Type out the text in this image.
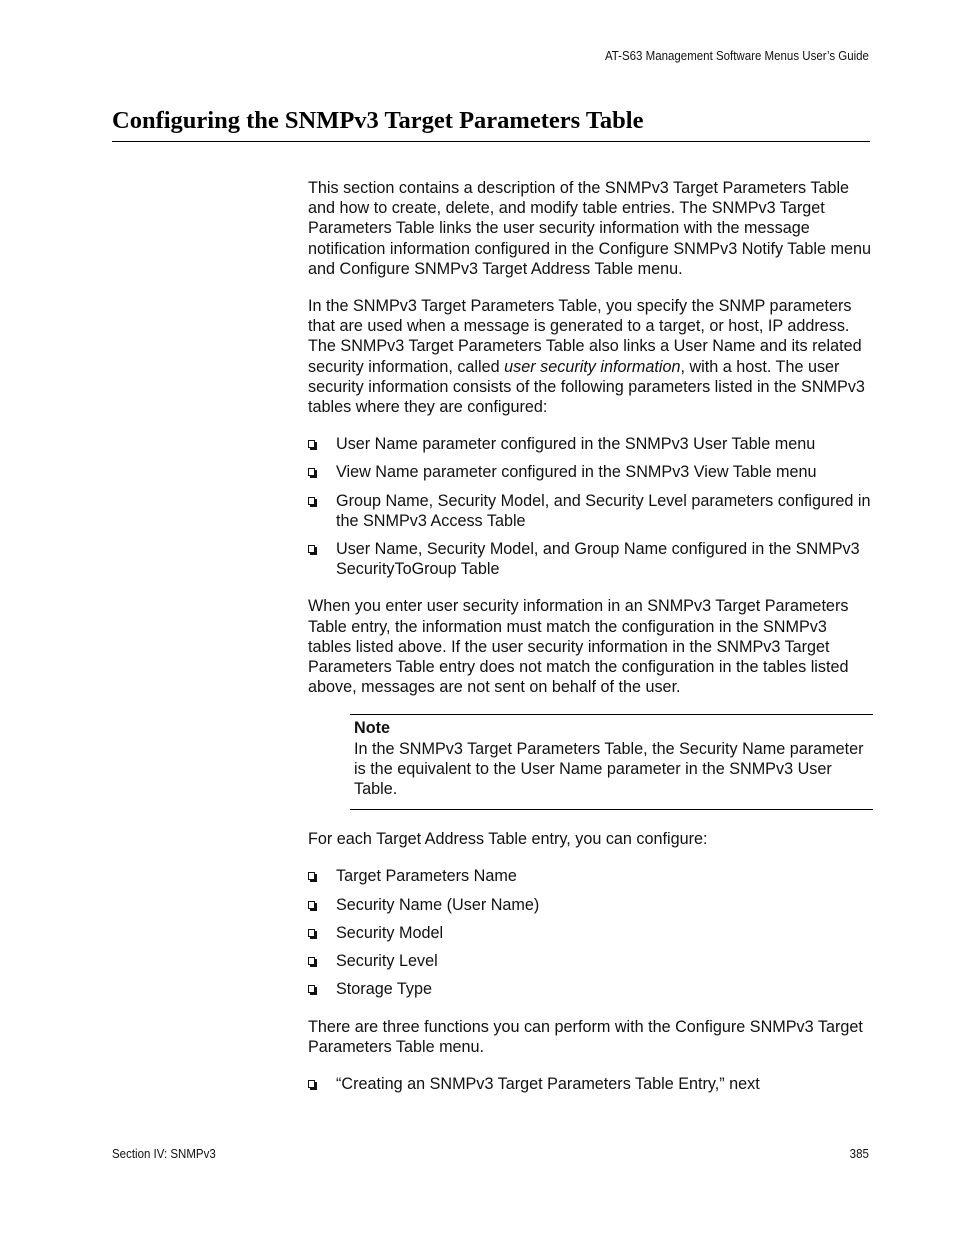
AT-S63 Management Software Menus User’s Guide
Configuring the SNMPv3 Target Parameters Table

This section contains a description of the SNMPv3 Target Parameters Table and how to create, delete, and modify table entries. The SNMPv3 Target Parameters Table links the user security information with the message notification information configured in the Configure SNMPv3 Notify Table menu and Configure SNMPv3 Target Address Table menu.

In the SNMPv3 Target Parameters Table, you specify the SNMP parameters that are used when a message is generated to a target, or host, IP address. The SNMPv3 Target Parameters Table also links a User Name and its related security information, called user security information, with a host. The user security information consists of the following parameters listed in the SNMPv3 tables where they are configured:

User Name parameter configured in the SNMPv3 User Table menu
View Name parameter configured in the SNMPv3 View Table menu
Group Name, Security Model, and Security Level parameters configured in the SNMPv3 Access Table
User Name, Security Model, and Group Name configured in the SNMPv3 SecurityToGroup Table

When you enter user security information in an SNMPv3 Target Parameters Table entry, the information must match the configuration in the SNMPv3 tables listed above. If the user security information in the SNMPv3 Target Parameters Table entry does not match the configuration in the tables listed above, messages are not sent on behalf of the user.

Note
In the SNMPv3 Target Parameters Table, the Security Name parameter is the equivalent to the User Name parameter in the SNMPv3 User Table.

For each Target Address Table entry, you can configure:

Target Parameters Name
Security Name (User Name)
Security Model
Security Level
Storage Type

There are three functions you can perform with the Configure SNMPv3 Target Parameters Table menu.

“Creating an SNMPv3 Target Parameters Table Entry,” next
Section IV: SNMPv3	385
